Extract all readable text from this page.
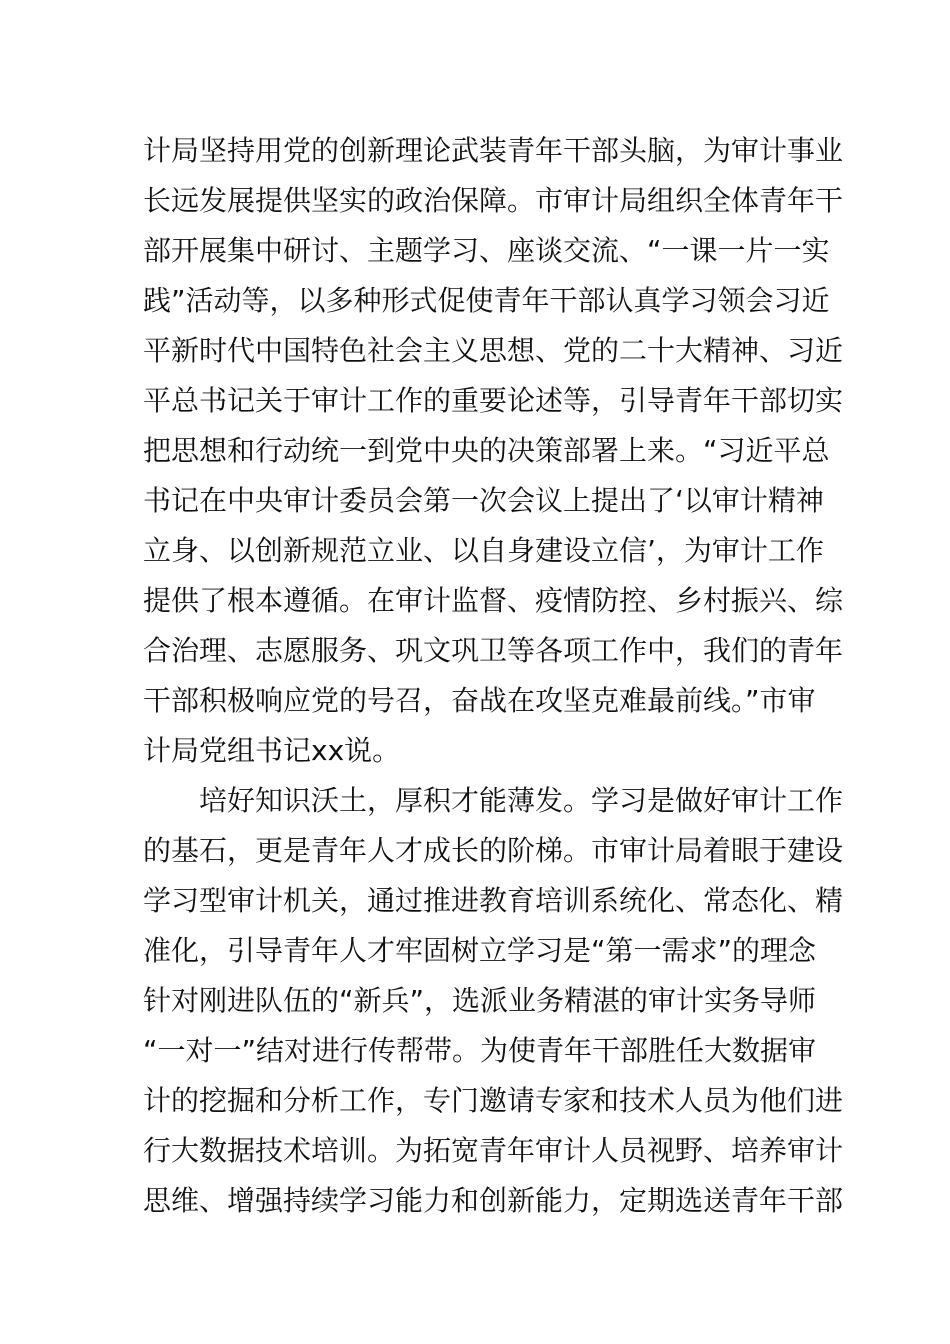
计局坚持用党的创新理论武装青年干部头脑，为审计事业
长远发展提供坚实的政治保障。市审计局组织全体青年干
部开展集中研讨、主题学习、座谈交流、“一课一片一实
践”活动等，以多种形式促使青年干部认真学习领会习近
平新时代中国特色社会主义思想、党的二十大精神、习近
平总书记关于审计工作的重要论述等，引导青年干部切实
把思想和行动统一到党中央的决策部署上来。“习近平总
书记在中央审计委员会第一次会议上提出了‘以审计精神
立身、以创新规范立业、以自身建设立信’，为审计工作
提供了根本遵循。在审计监督、疫情防控、乡村振兴、综
合治理、志愿服务、巩文巩卫等各项工作中，我们的青年
干部积极响应党的号召，奋战在攻坚克难最前线。”市审
计局党组书记xx说。
培好知识沃土，厚积才能薄发。学习是做好审计工作
的基石，更是青年人才成长的阶梯。市审计局着眼于建设
学习型审计机关，通过推进教育培训系统化、常态化、精
准化，引导青年人才牢固树立学习是“第一需求”的理念
针对刚进队伍的“新兵”，选派业务精湛的审计实务导师
“一对一”结对进行传帮带。为使青年干部胜任大数据审
计的挖掘和分析工作，专门邀请专家和技术人员为他们进
行大数据技术培训。为拓宽青年审计人员视野、培养审计
思维、增强持续学习能力和创新能力，定期选送青年干部
